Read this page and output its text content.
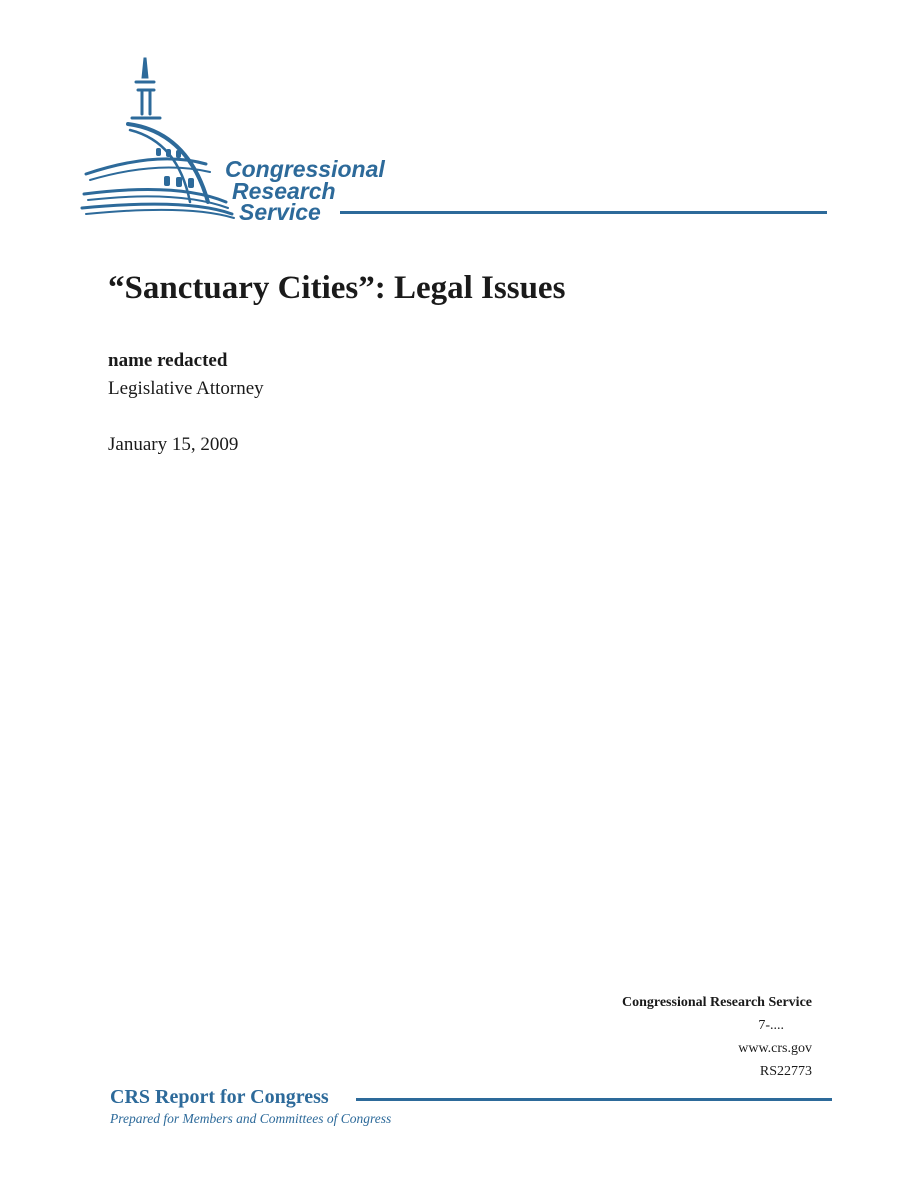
Congressional
Research
Service
“Sanctuary Cities”: Legal Issues
name redacted
Legislative Attorney
January 15, 2009
Congressional Research Service
7-....
www.crs.gov
RS22773
CRS Report for Congress
Prepared for Members and Committees of Congress
